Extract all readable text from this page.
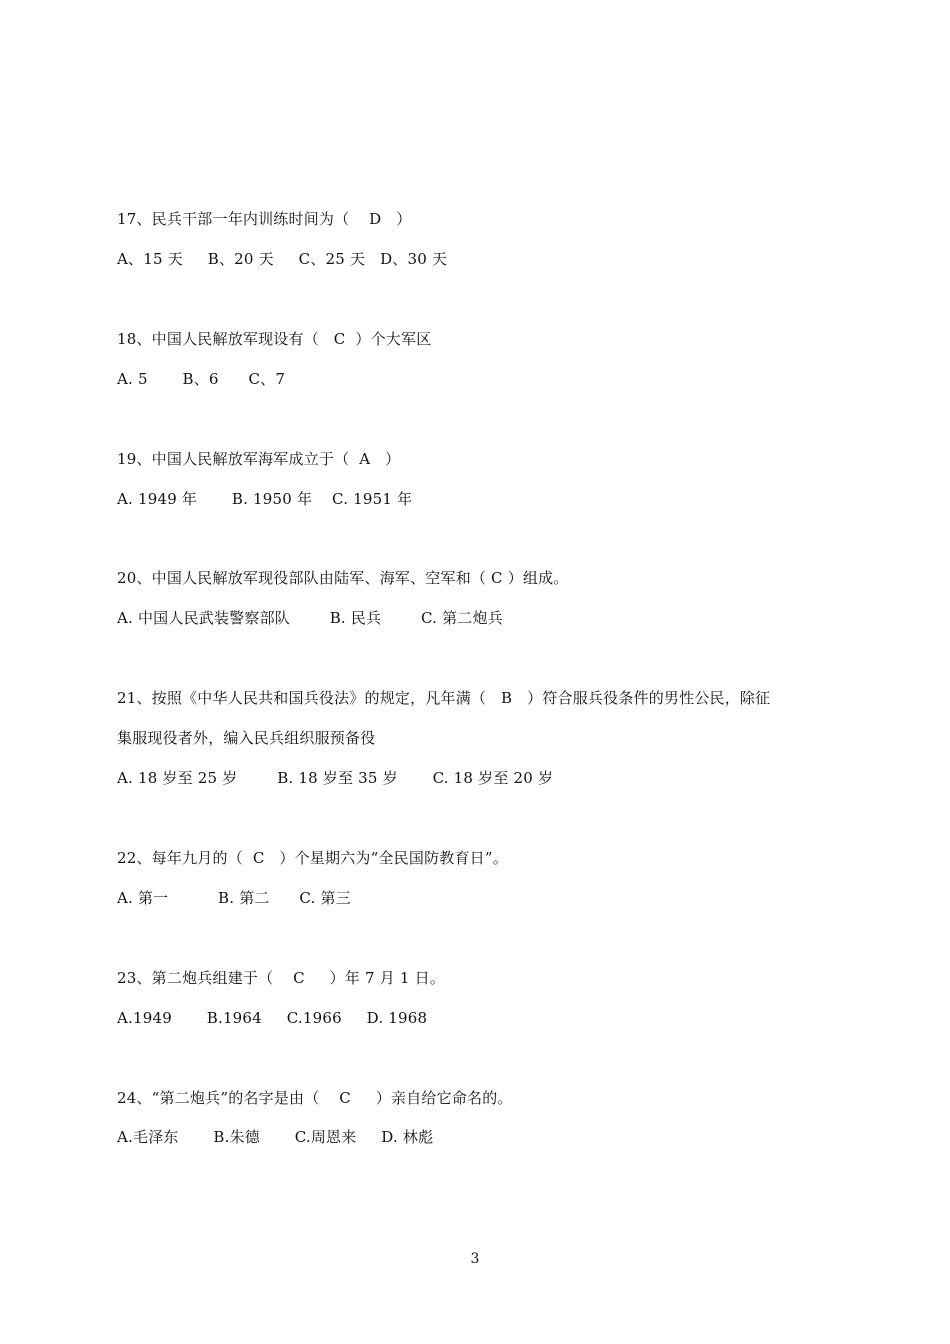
17、民兵干部一年内训练时间为（    D   ）
A、15 天     B、20 天     C、25 天   D、30 天
18、中国人民解放军现设有（   C  ）个大军区
A. 5       B、6      C、7
19、中国人民解放军海军成立于（  A   ）
A. 1949 年       B. 1950 年    C. 1951 年
20、中国人民解放军现役部队由陆军、海军、空军和（ C ）组成。
A. 中国人民武装警察部队        B. 民兵        C. 第二炮兵
21、按照《中华人民共和国兵役法》的规定，凡年满（   B   ）符合服兵役条件的男性公民，除征
集服现役者外，编入民兵组织服预备役
A. 18 岁至 25 岁        B. 18 岁至 35 岁       C. 18 岁至 20 岁
22、每年九月的（  C   ）个星期六为“全民国防教育日”。
A. 第一          B. 第二      C. 第三
23、第二炮兵组建于（    C     ）年 7 月 1 日。
A.1949       B.1964     C.1966     D. 1968
24、“第二炮兵”的名字是由（    C     ）亲自给它命名的。
A.毛泽东       B.朱德       C.周恩来     D. 林彪
3
